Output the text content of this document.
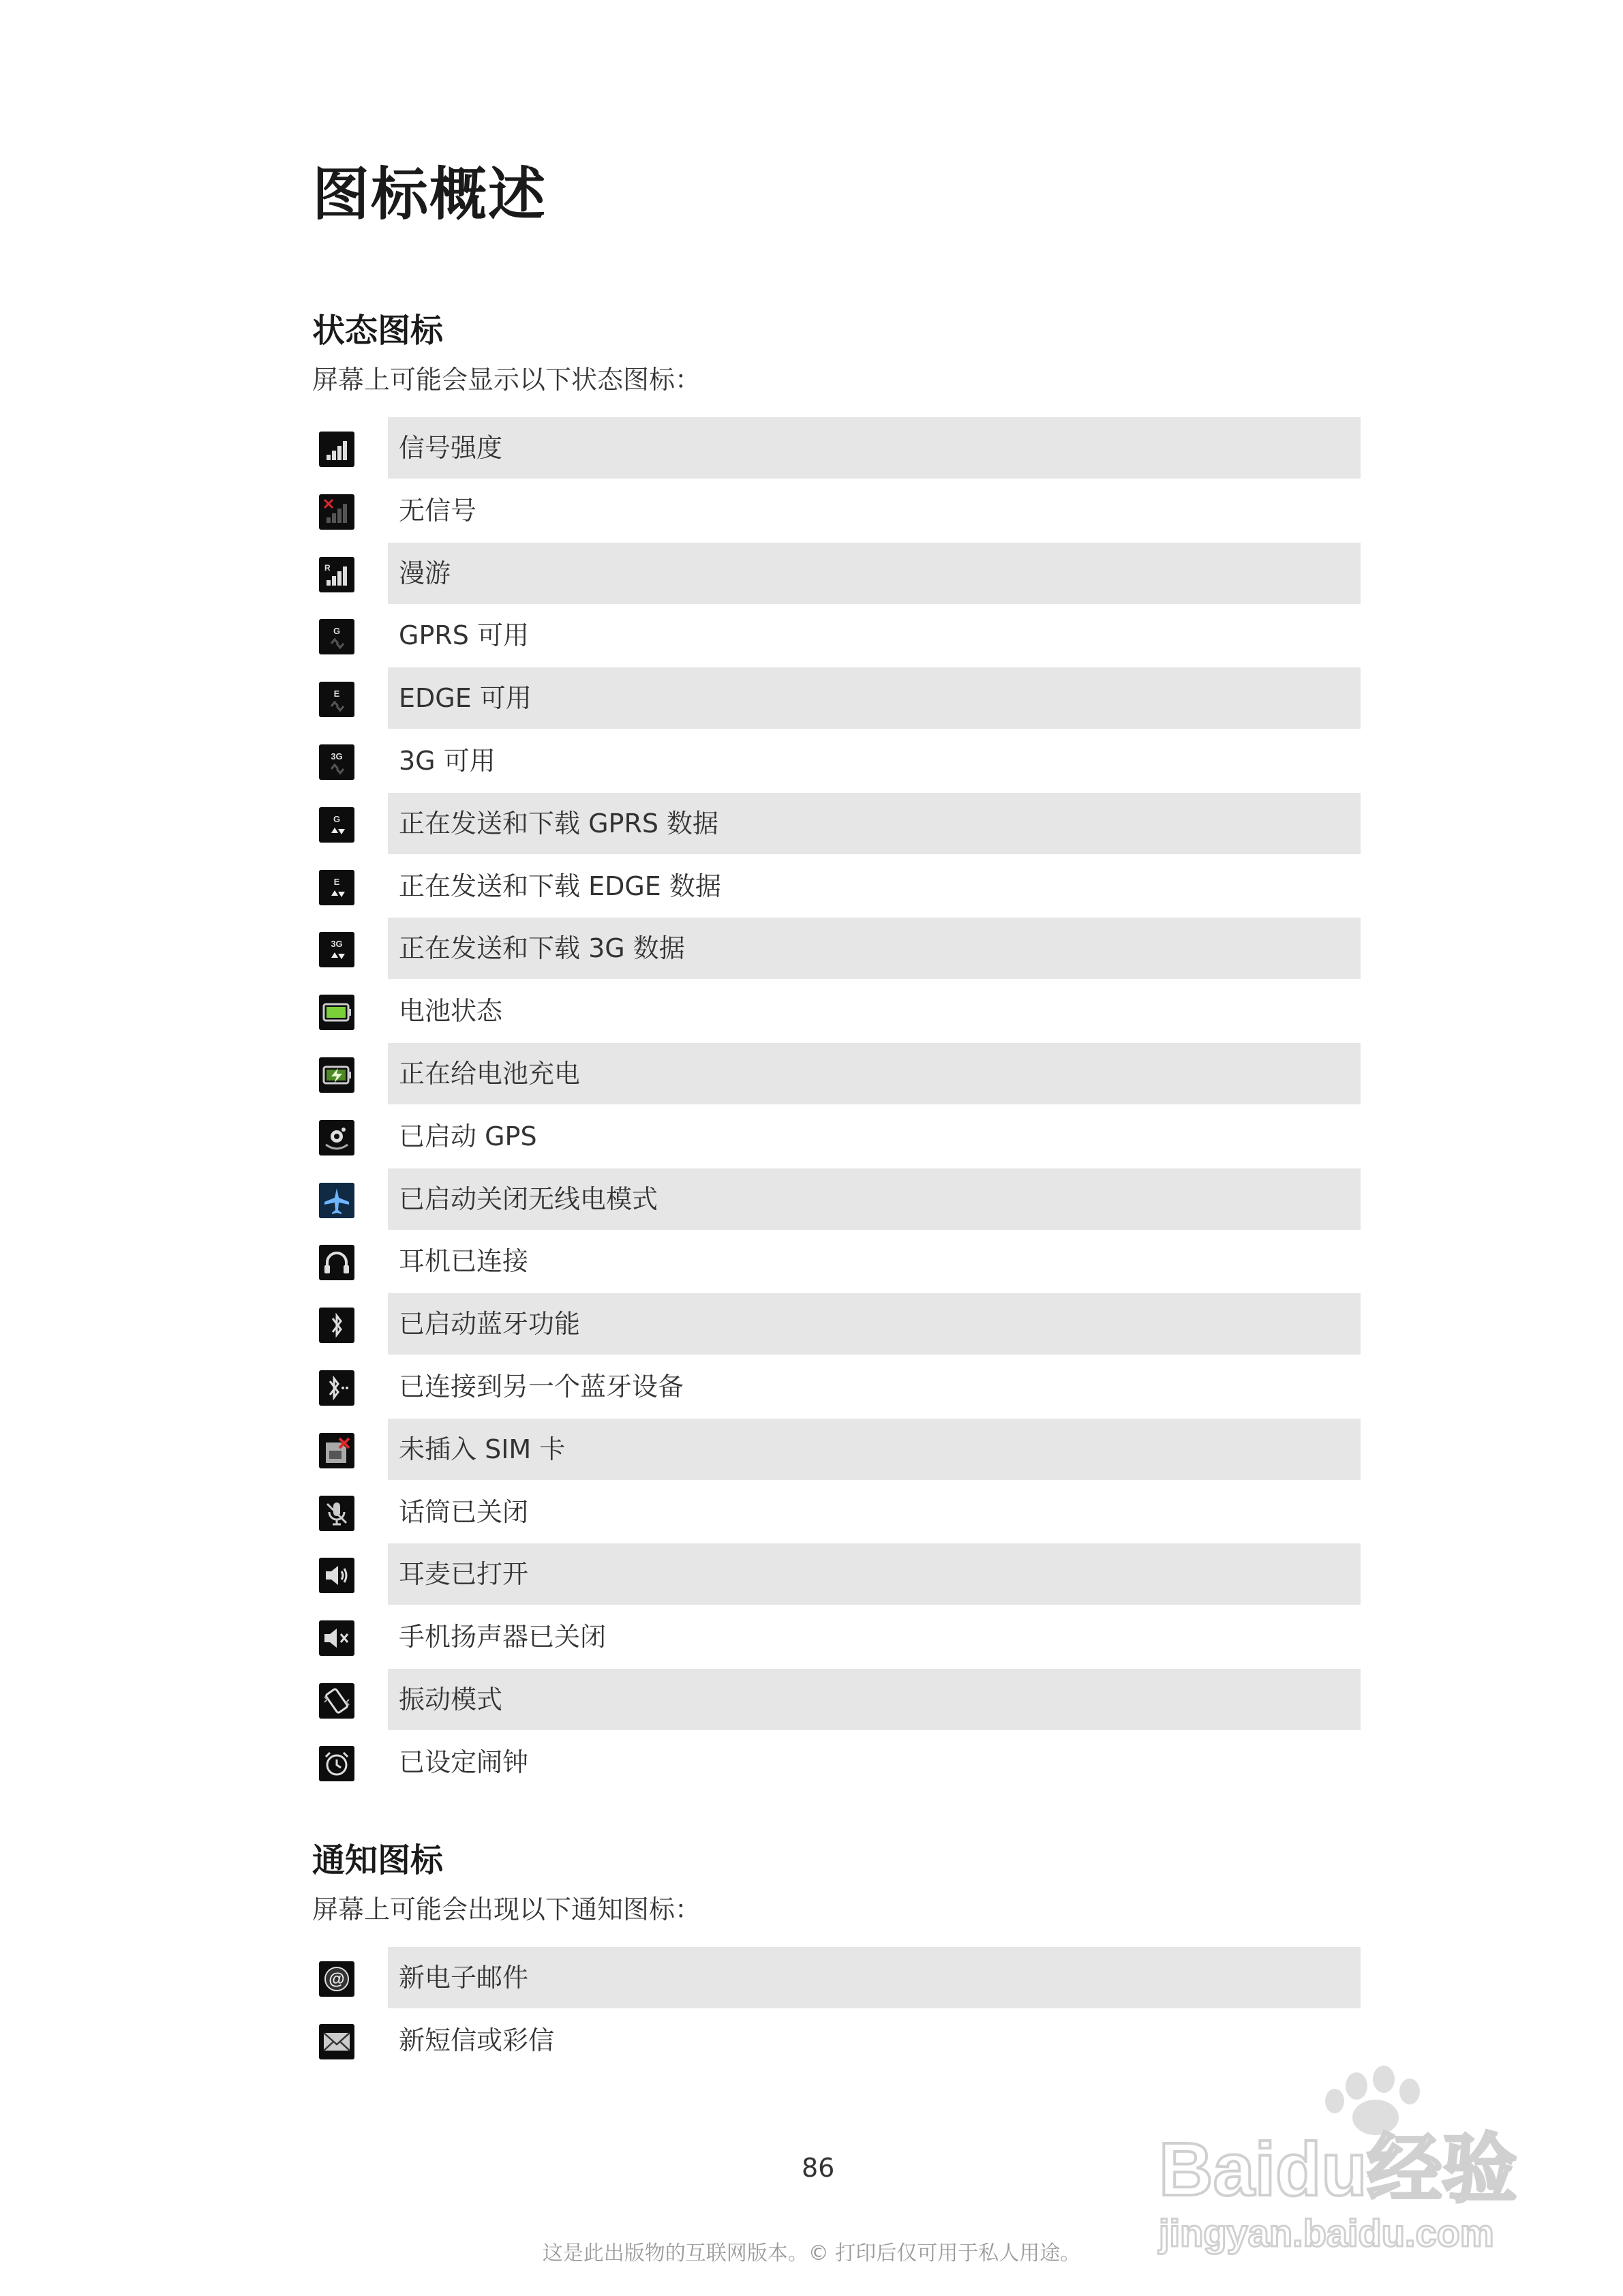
图标概述
状态图标
屏幕上可能会显示以下状态图标：
信号强度
无信号
R	漫游
G GPRS 可用
E EDGE 可用
3G 3G 可用
G 正在发送和下载 GPRS 数据
E 正在发送和下载 EDGE 数据
3G 正在发送和下载 3G 数据
电池状态
正在给电池充电
已启动 GPS
已启动关闭无线电模式
耳机已连接
已启动蓝牙功能
已连接到另一个蓝牙设备
未插入 SIM 卡
话筒已关闭
耳麦已打开
手机扬声器已关闭
振动模式
已设定闹钟
通知图标
屏幕上可能会出现以下通知图标：
@ 新电子邮件
新短信或彩信
86
这是此出版物的互联网版本。© 打印后仅可用于私人用途。
Baidu经验
jingyan.baidu.com
